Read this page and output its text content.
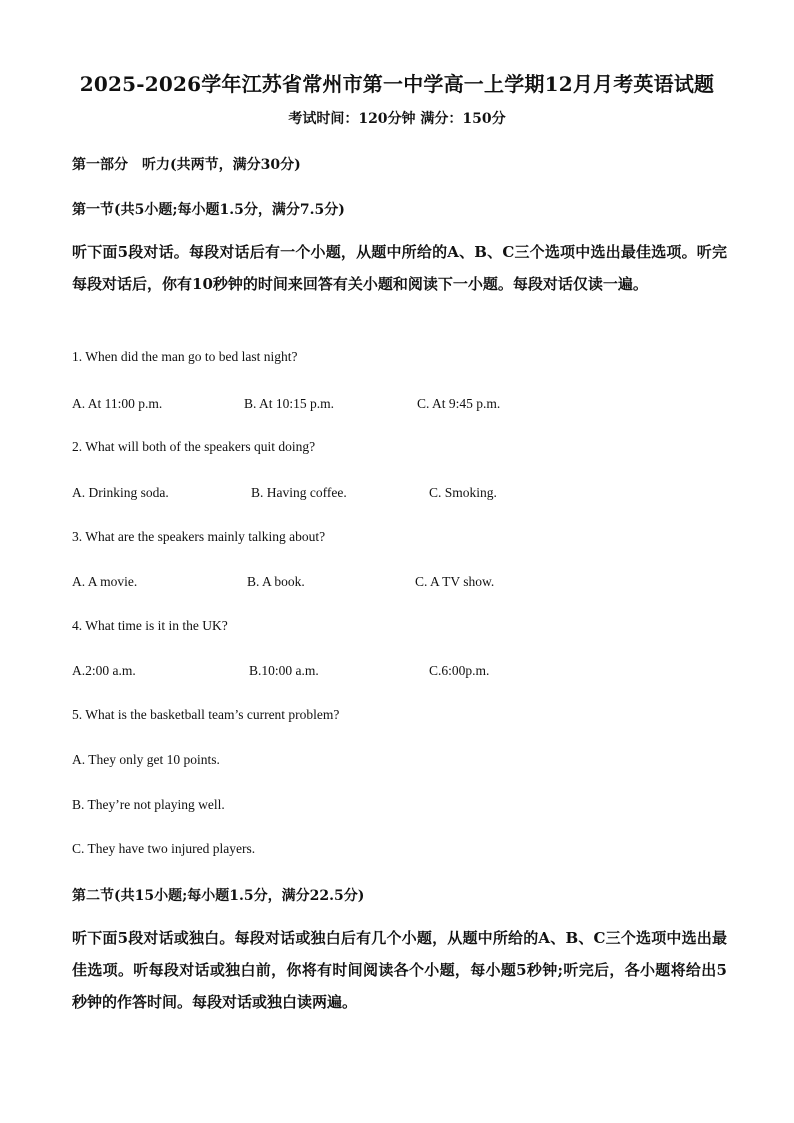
2025-2026学年江苏省常州市第一中学高一上学期12月月考英语试题
考试时间：120分钟 满分：150分
第一部分　听力(共两节，满分30分)
第一节(共5小题;每小题1.5分，满分7.5分)
听下面5段对话。每段对话后有一个小题，从题中所给的A、B、C三个选项中选出最佳选项。听完每段对话后，你有10秒钟的时间来回答有关小题和阅读下一小题。每段对话仅读一遍。
1. When did the man go to bed last night?
A. At 11:00 p.m.	B. At 10:15 p.m.	C. At 9:45 p.m.
2. What will both of the speakers quit doing?
A. Drinking soda.	B. Having coffee.	C. Smoking.
3. What are the speakers mainly talking about?
A. A movie.	B. A book.	C. A TV show.
4. What time is it in the UK?
A.2:00 a.m.	B.10:00 a.m.	C.6:00p.m.
5. What is the basketball team’s current problem?
A. They only get 10 points.
B. They’re not playing well.
C. They have two injured players.
第二节(共15小题;每小题1.5分，满分22.5分)
听下面5段对话或独白。每段对话或独白后有几个小题，从题中所给的A、B、C三个选项中选出最佳选项。听每段对话或独白前，你将有时间阅读各个小题，每小题5秒钟;听完后，各小题将给出5秒钟的作答时间。每段对话或独白读两遍。
